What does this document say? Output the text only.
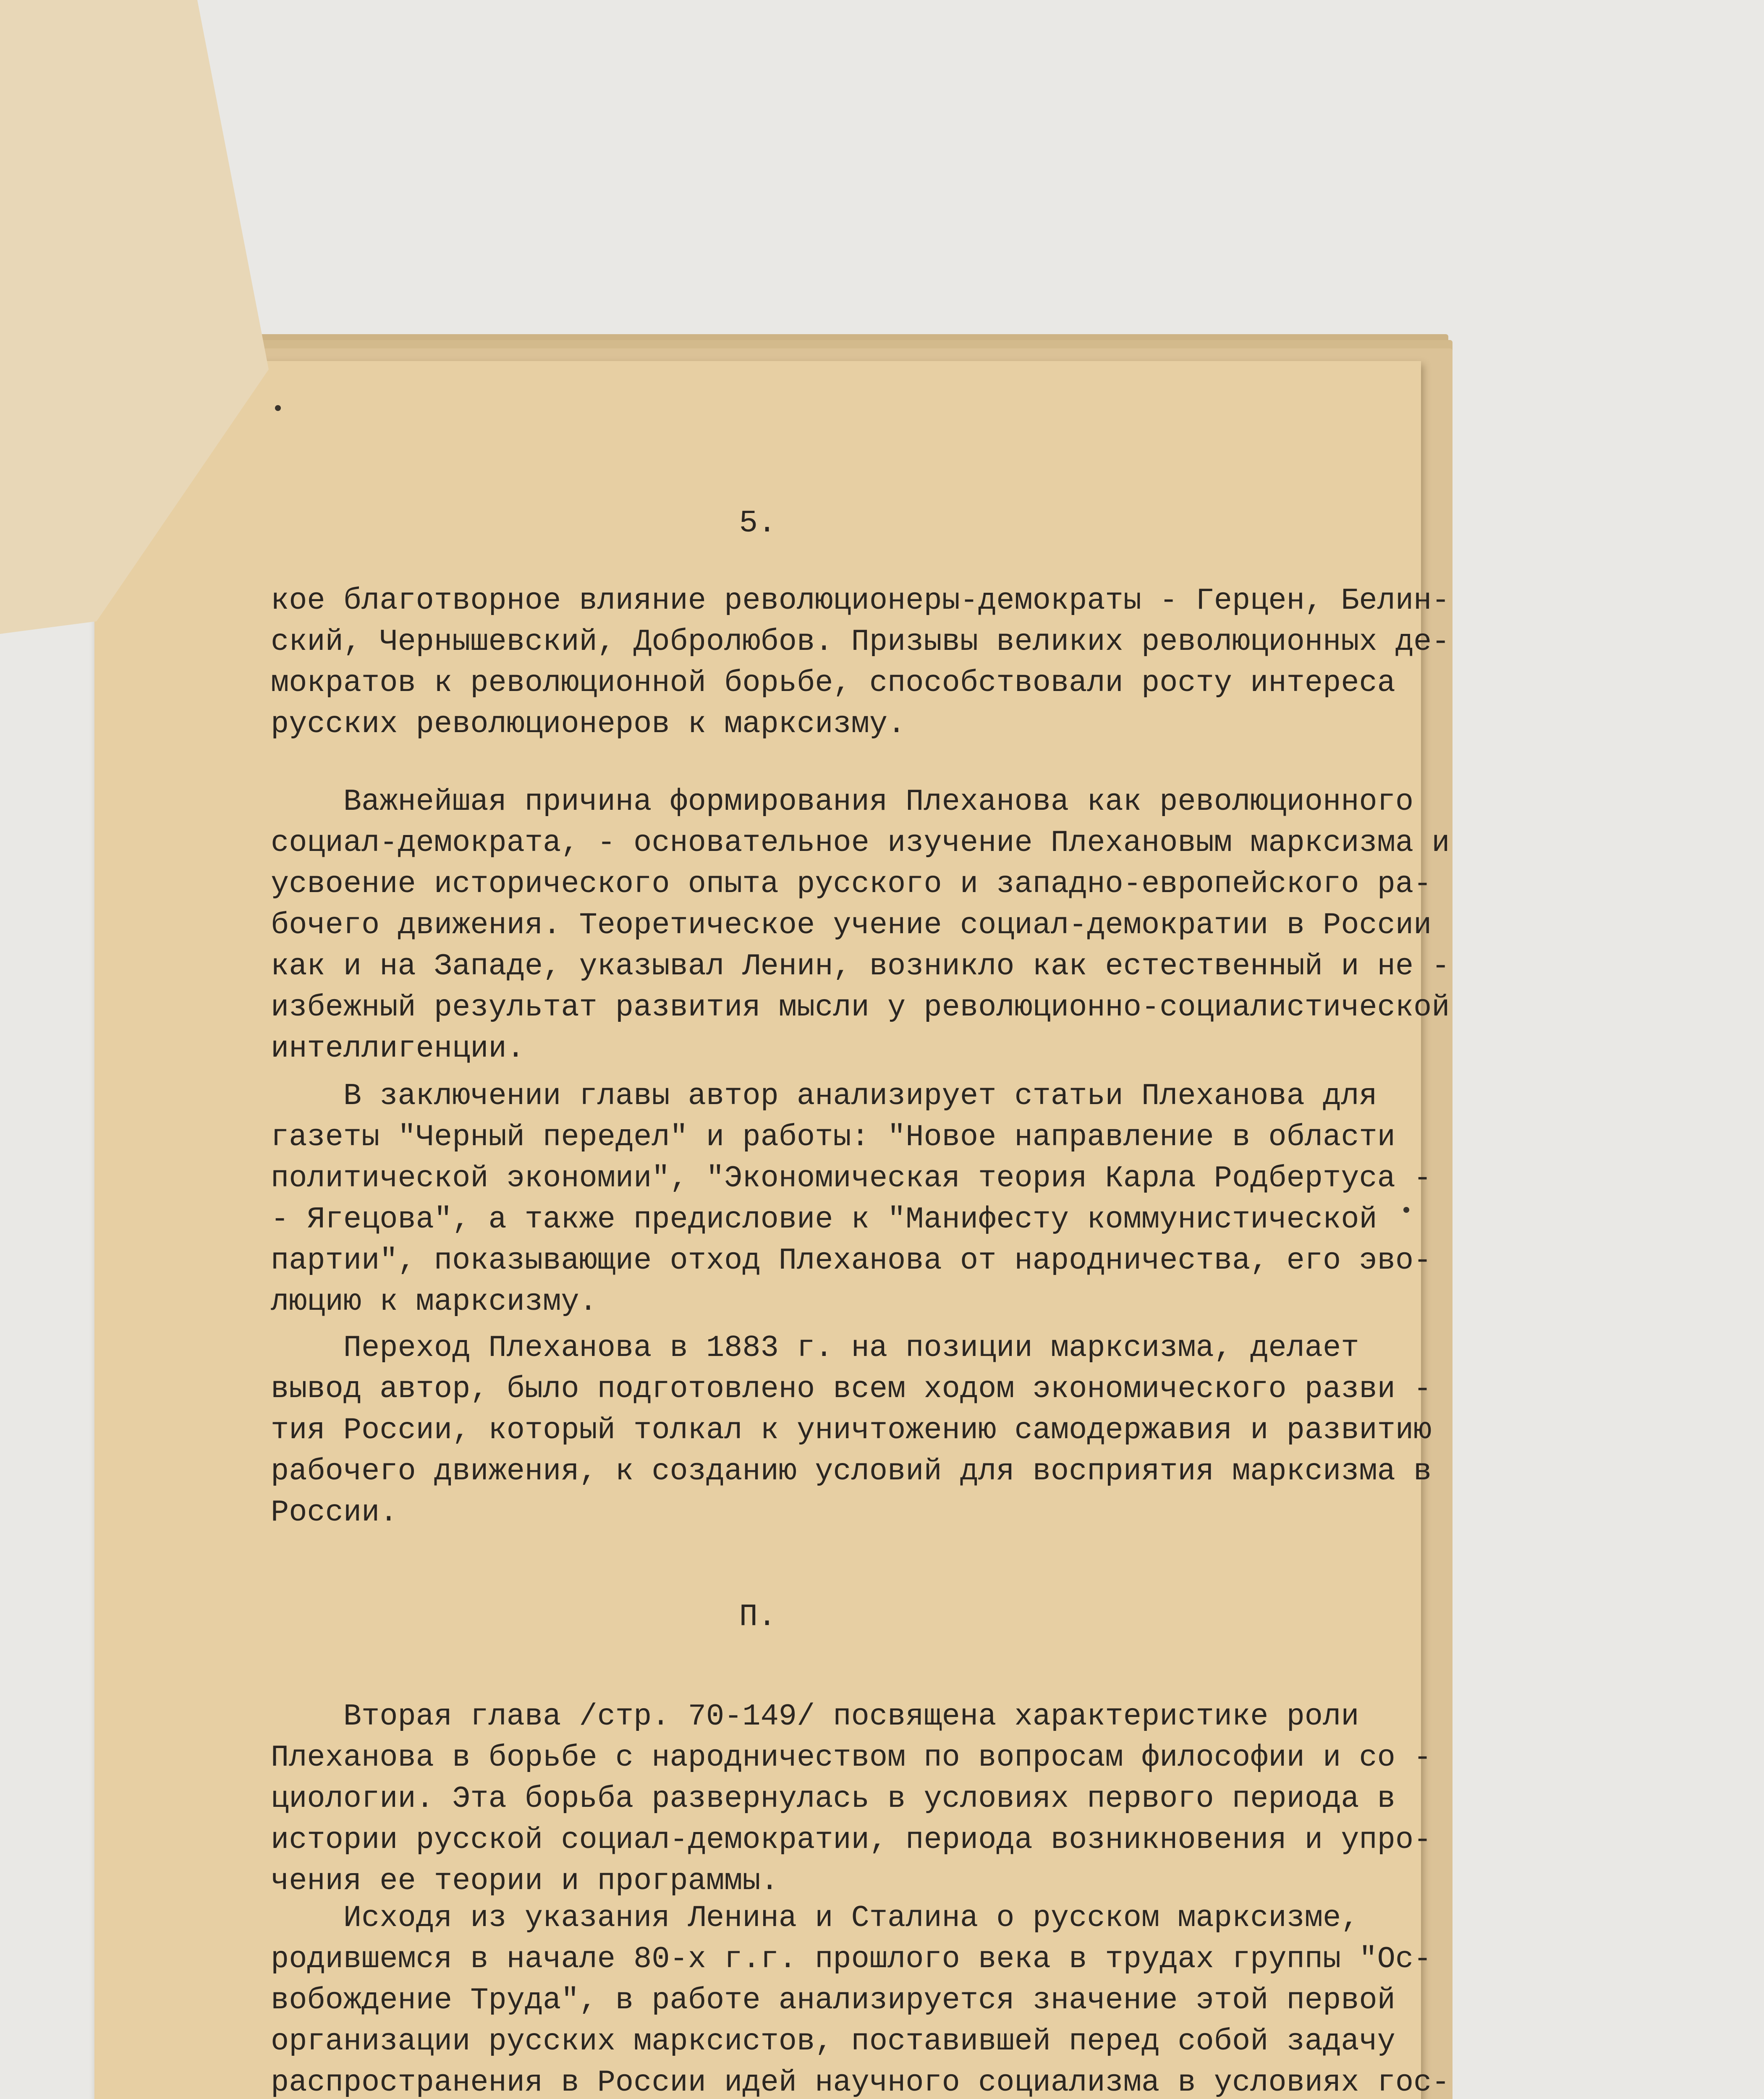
5.

кое благотворное влияние революционеры-демократы - Герцен, Белин-

ский, Чернышевский, Добролюбов. Призывы великих революционных де-

мократов к революционной борьбе, способствовали росту интереса

русских революционеров к марксизму.

Важнейшая причина формирования Плеханова как революционного

социал-демократа, - основательное изучение Плехановым марксизма и

усвоение исторического опыта русского и западно-европейского ра-

бочего движения. Теоретическое учение социал-демократии в России

как и на Западе, указывал Ленин, возникло как естественный и не -

избежный результат развития мысли у революционно-социалистической

интеллигенции.

В заключении главы автор анализирует статьи Плеханова для

газеты "Черный передел" и работы: "Новое направление в области

политической экономии", "Экономическая теория Карла Родбертуса -

- Ягецова", а также предисловие к "Манифесту коммунистической

партии", показывающие отход Плеханова от народничества, его эво-

люцию к марксизму.

Переход Плеханова в 1883 г. на позиции марксизма, делает

вывод автор, было подготовлено всем ходом экономического разви -

тия России, который толкал к уничтожению самодержавия и развитию

рабочего движения, к созданию условий для восприятия марксизма в

России.

П.

Вторая глава /стр. 70-149/ посвящена характеристике роли

Плеханова в борьбе с народничеством по вопросам философии и со -

циологии. Эта борьба развернулась в условиях первого периода в

истории русской социал-демократии, периода возникновения и упро-

чения ее теории и программы.

Исходя из указания Ленина и Сталина о русском марксизме,

родившемся в начале 80-х г.г. прошлого века в трудах группы "Ос-

вобождение Труда", в работе анализируется значение этой первой

организации русских марксистов, поставившей перед собой задачу

распространения в России идей научного социализма в условиях гос-
